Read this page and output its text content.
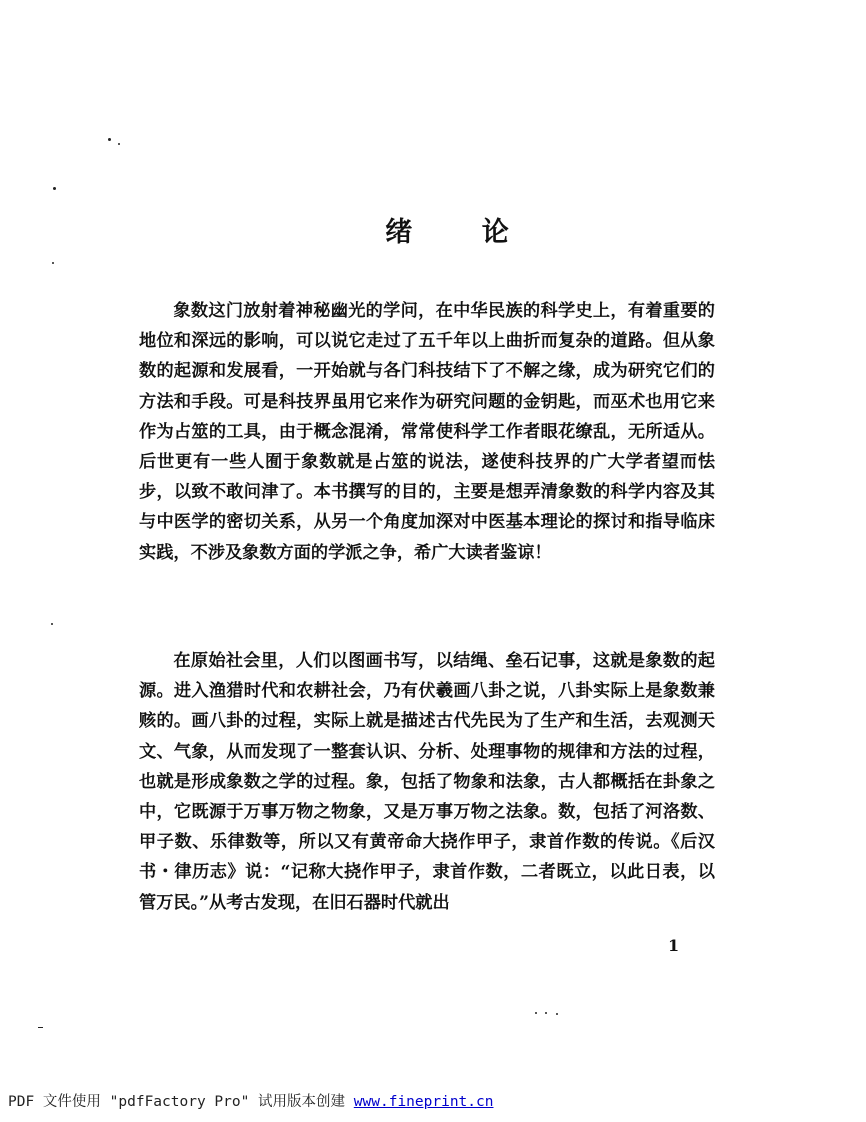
绪 论

象数这门放射着神秘幽光的学问，在中华民族的科学史上，有着重要的地位和深远的影响，可以说它走过了五千年以上曲折而复杂的道路。但从象数的起源和发展看，一开始就与各门科技结下了不解之缘，成为研究它们的方法和手段。可是科技界虽用它来作为研究问题的金钥匙，而巫术也用它来作为占筮的工具，由于概念混淆，常常使科学工作者眼花缭乱，无所适从。后世更有一些人囿于象数就是占筮的说法，遂使科技界的广大学者望而怯步，以致不敢问津了。本书撰写的目的，主要是想弄清象数的科学内容及其与中医学的密切关系，从另一个角度加深对中医基本理论的探讨和指导临床实践，不涉及象数方面的学派之争，希广大读者鉴谅！

在原始社会里，人们以图画书写，以结绳、垒石记事，这就是象数的起源。进入渔猎时代和农耕社会，乃有伏羲画八卦之说，八卦实际上是象数兼赅的。画八卦的过程，实际上就是描述古代先民为了生产和生活，去观测天文、气象，从而发现了一整套认识、分析、处理事物的规律和方法的过程，也就是形成象数之学的过程。象，包括了物象和法象，古人都概括在卦象之中，它既源于万事万物之物象，又是万事万物之法象。数，包括了河洛数、甲子数、乐律数等，所以又有黄帝命大挠作甲子，隶首作数的传说。《后汉书・律历志》说：“记称大挠作甲子，隶首作数，二者既立，以此日表，以管万民。”从考古发现，在旧石器时代就出

1
PDF 文件使用 "pdfFactory Pro" 试用版本创建 www.fineprint.cn
